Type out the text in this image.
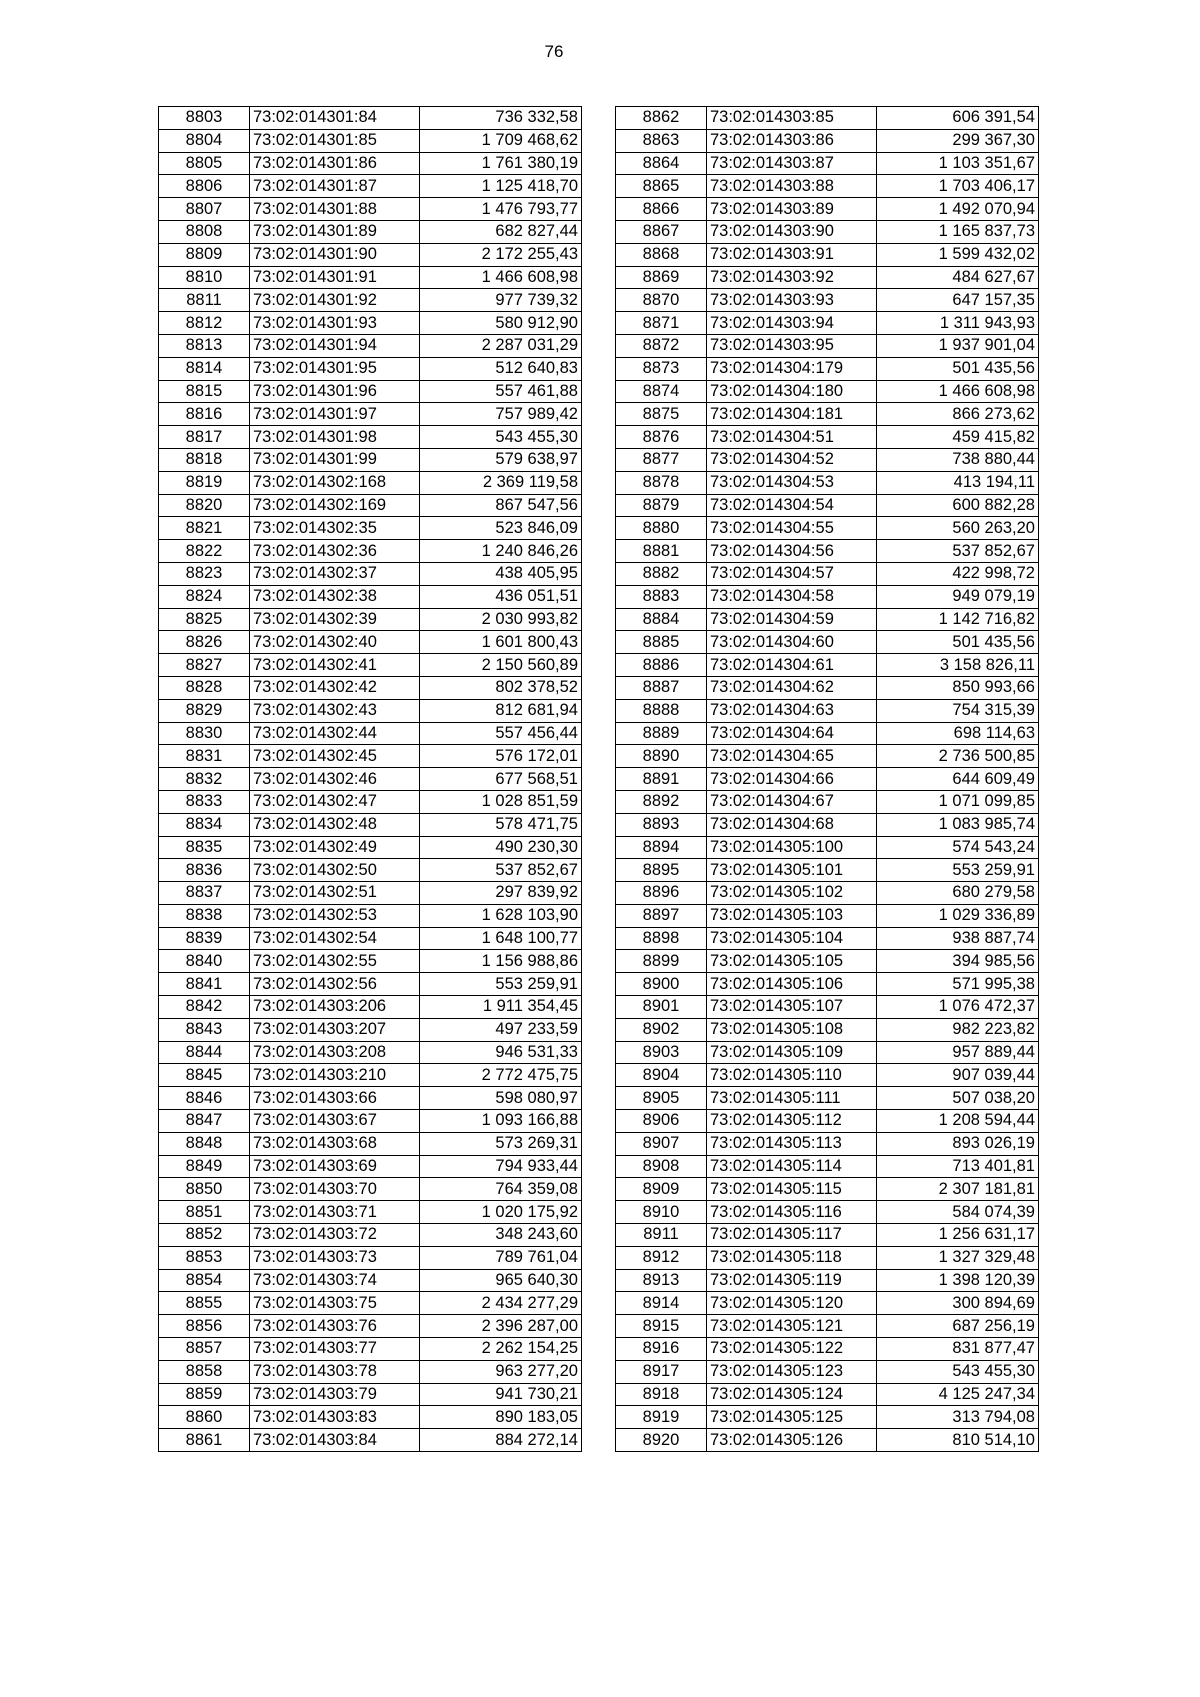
76
8803	73:02:014301:84	736 332,58
8804	73:02:014301:85	1 709 468,62
8805	73:02:014301:86	1 761 380,19
8806	73:02:014301:87	1 125 418,70
8807	73:02:014301:88	1 476 793,77
8808	73:02:014301:89	682 827,44
8809	73:02:014301:90	2 172 255,43
8810	73:02:014301:91	1 466 608,98
8811	73:02:014301:92	977 739,32
8812	73:02:014301:93	580 912,90
8813	73:02:014301:94	2 287 031,29
8814	73:02:014301:95	512 640,83
8815	73:02:014301:96	557 461,88
8816	73:02:014301:97	757 989,42
8817	73:02:014301:98	543 455,30
8818	73:02:014301:99	579 638,97
8819	73:02:014302:168	2 369 119,58
8820	73:02:014302:169	867 547,56
8821	73:02:014302:35	523 846,09
8822	73:02:014302:36	1 240 846,26
8823	73:02:014302:37	438 405,95
8824	73:02:014302:38	436 051,51
8825	73:02:014302:39	2 030 993,82
8826	73:02:014302:40	1 601 800,43
8827	73:02:014302:41	2 150 560,89
8828	73:02:014302:42	802 378,52
8829	73:02:014302:43	812 681,94
8830	73:02:014302:44	557 456,44
8831	73:02:014302:45	576 172,01
8832	73:02:014302:46	677 568,51
8833	73:02:014302:47	1 028 851,59
8834	73:02:014302:48	578 471,75
8835	73:02:014302:49	490 230,30
8836	73:02:014302:50	537 852,67
8837	73:02:014302:51	297 839,92
8838	73:02:014302:53	1 628 103,90
8839	73:02:014302:54	1 648 100,77
8840	73:02:014302:55	1 156 988,86
8841	73:02:014302:56	553 259,91
8842	73:02:014303:206	1 911 354,45
8843	73:02:014303:207	497 233,59
8844	73:02:014303:208	946 531,33
8845	73:02:014303:210	2 772 475,75
8846	73:02:014303:66	598 080,97
8847	73:02:014303:67	1 093 166,88
8848	73:02:014303:68	573 269,31
8849	73:02:014303:69	794 933,44
8850	73:02:014303:70	764 359,08
8851	73:02:014303:71	1 020 175,92
8852	73:02:014303:72	348 243,60
8853	73:02:014303:73	789 761,04
8854	73:02:014303:74	965 640,30
8855	73:02:014303:75	2 434 277,29
8856	73:02:014303:76	2 396 287,00
8857	73:02:014303:77	2 262 154,25
8858	73:02:014303:78	963 277,20
8859	73:02:014303:79	941 730,21
8860	73:02:014303:83	890 183,05
8861	73:02:014303:84	884 272,14
8862	73:02:014303:85	606 391,54
8863	73:02:014303:86	299 367,30
8864	73:02:014303:87	1 103 351,67
8865	73:02:014303:88	1 703 406,17
8866	73:02:014303:89	1 492 070,94
8867	73:02:014303:90	1 165 837,73
8868	73:02:014303:91	1 599 432,02
8869	73:02:014303:92	484 627,67
8870	73:02:014303:93	647 157,35
8871	73:02:014303:94	1 311 943,93
8872	73:02:014303:95	1 937 901,04
8873	73:02:014304:179	501 435,56
8874	73:02:014304:180	1 466 608,98
8875	73:02:014304:181	866 273,62
8876	73:02:014304:51	459 415,82
8877	73:02:014304:52	738 880,44
8878	73:02:014304:53	413 194,11
8879	73:02:014304:54	600 882,28
8880	73:02:014304:55	560 263,20
8881	73:02:014304:56	537 852,67
8882	73:02:014304:57	422 998,72
8883	73:02:014304:58	949 079,19
8884	73:02:014304:59	1 142 716,82
8885	73:02:014304:60	501 435,56
8886	73:02:014304:61	3 158 826,11
8887	73:02:014304:62	850 993,66
8888	73:02:014304:63	754 315,39
8889	73:02:014304:64	698 114,63
8890	73:02:014304:65	2 736 500,85
8891	73:02:014304:66	644 609,49
8892	73:02:014304:67	1 071 099,85
8893	73:02:014304:68	1 083 985,74
8894	73:02:014305:100	574 543,24
8895	73:02:014305:101	553 259,91
8896	73:02:014305:102	680 279,58
8897	73:02:014305:103	1 029 336,89
8898	73:02:014305:104	938 887,74
8899	73:02:014305:105	394 985,56
8900	73:02:014305:106	571 995,38
8901	73:02:014305:107	1 076 472,37
8902	73:02:014305:108	982 223,82
8903	73:02:014305:109	957 889,44
8904	73:02:014305:110	907 039,44
8905	73:02:014305:111	507 038,20
8906	73:02:014305:112	1 208 594,44
8907	73:02:014305:113	893 026,19
8908	73:02:014305:114	713 401,81
8909	73:02:014305:115	2 307 181,81
8910	73:02:014305:116	584 074,39
8911	73:02:014305:117	1 256 631,17
8912	73:02:014305:118	1 327 329,48
8913	73:02:014305:119	1 398 120,39
8914	73:02:014305:120	300 894,69
8915	73:02:014305:121	687 256,19
8916	73:02:014305:122	831 877,47
8917	73:02:014305:123	543 455,30
8918	73:02:014305:124	4 125 247,34
8919	73:02:014305:125	313 794,08
8920	73:02:014305:126	810 514,10
